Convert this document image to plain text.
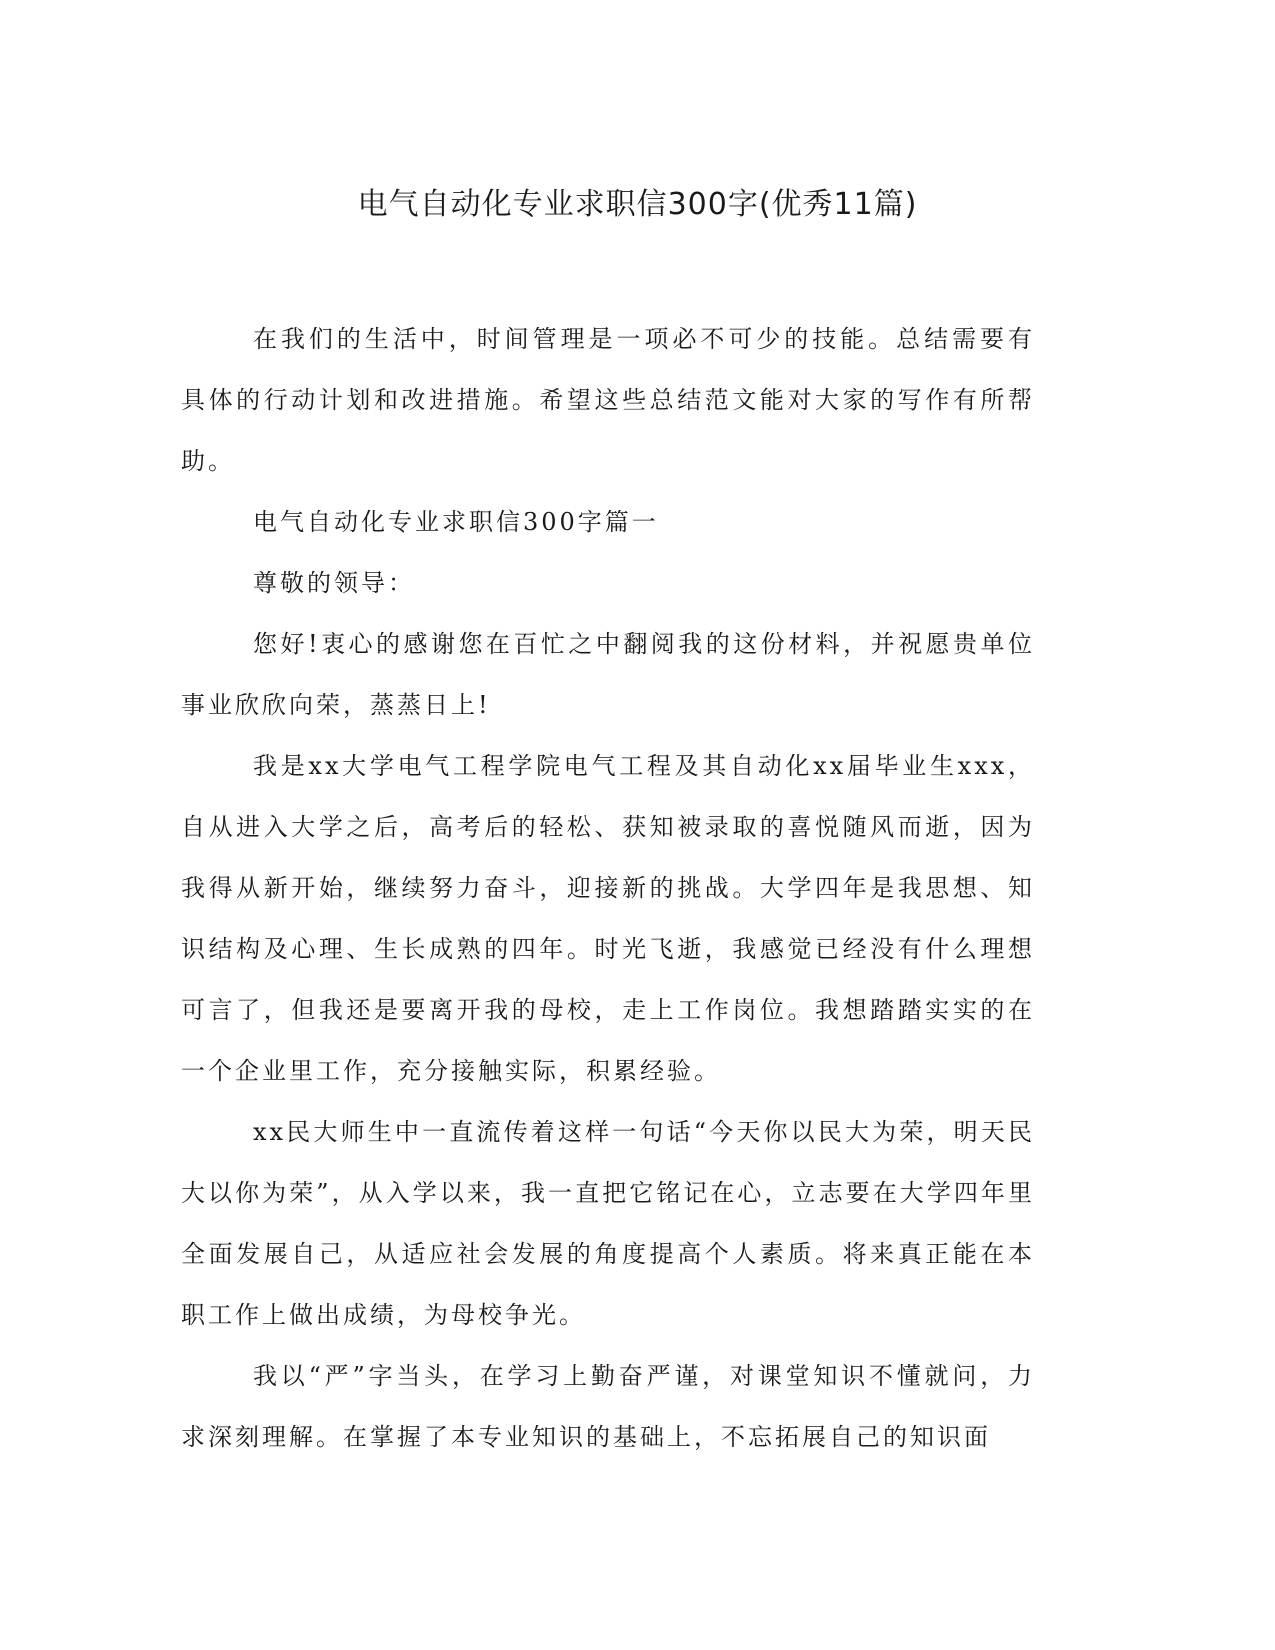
电气自动化专业求职信300字(优秀11篇)

在我们的生活中，时间管理是一项必不可少的技能。总结需要有具体的行动计划和改进措施。希望这些总结范文能对大家的写作有所帮助。

电气自动化专业求职信300字篇一

尊敬的领导：

您好!衷心的感谢您在百忙之中翻阅我的这份材料，并祝愿贵单位事业欣欣向荣，蒸蒸日上!

我是xx大学电气工程学院电气工程及其自动化xx届毕业生xxx，自从进入大学之后，高考后的轻松、获知被录取的喜悦随风而逝，因为我得从新开始，继续努力奋斗，迎接新的挑战。大学四年是我思想、知识结构及心理、生长成熟的四年。时光飞逝，我感觉已经没有什么理想可言了，但我还是要离开我的母校，走上工作岗位。我想踏踏实实的在一个企业里工作，充分接触实际，积累经验。

xx民大师生中一直流传着这样一句话“今天你以民大为荣，明天民大以你为荣”，从入学以来，我一直把它铭记在心，立志要在大学四年里全面发展自己，从适应社会发展的角度提高个人素质。将来真正能在本职工作上做出成绩，为母校争光。

我以“严”字当头，在学习上勤奋严谨，对课堂知识不懂就问，力求深刻理解。在掌握了本专业知识的基础上，不忘拓展自己的知识面
